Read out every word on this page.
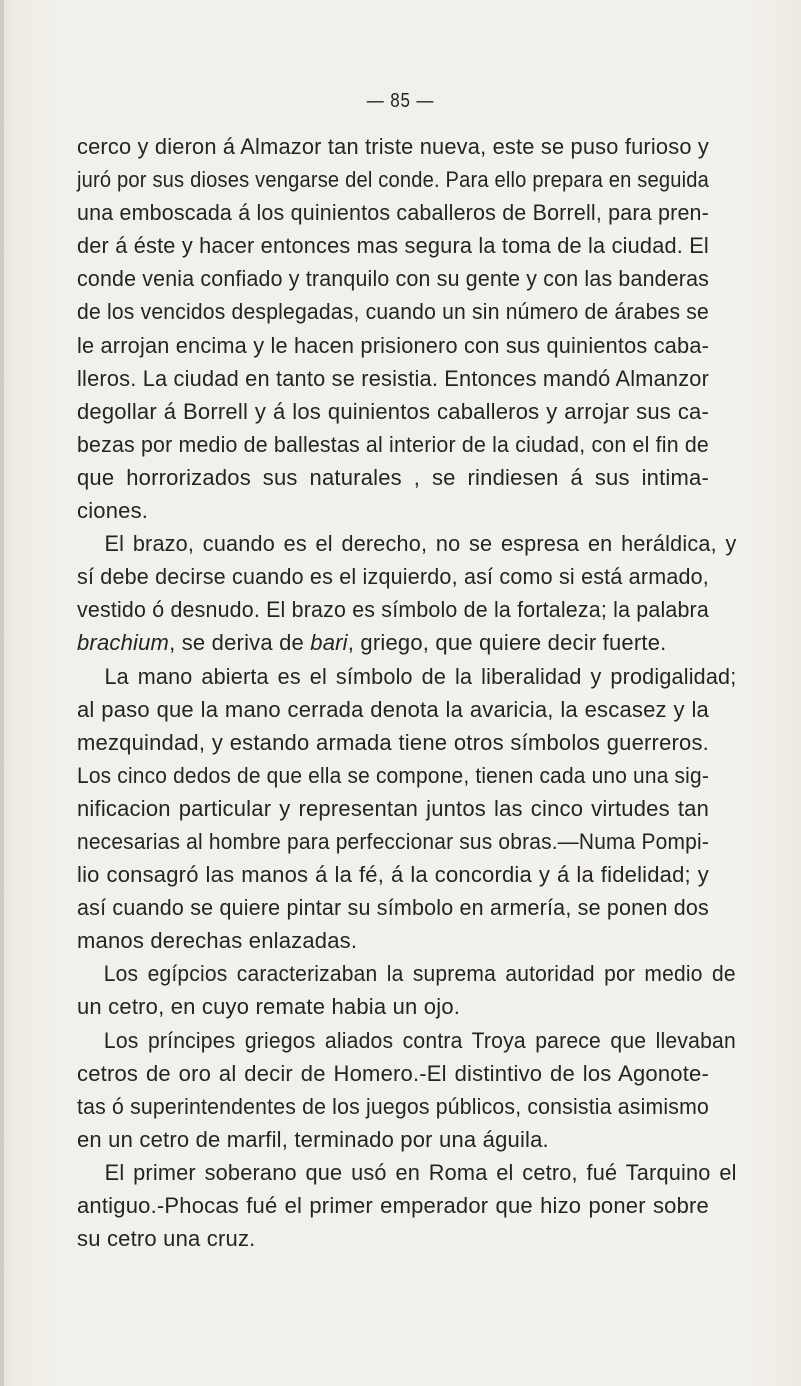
— 85 —
cerco y dieron á Almazor tan triste nueva, este se puso furioso y
juró por sus dioses vengarse del conde. Para ello prepara en seguida
una emboscada á los quinientos caballeros de Borrell, para pren-
der á éste y hacer entonces mas segura la toma de la ciudad. El
conde venia confiado y tranquilo con su gente y con las banderas
de los vencidos desplegadas, cuando un sin número de árabes se
le arrojan encima y le hacen prisionero con sus quinientos caba-
lleros. La ciudad en tanto se resistia. Entonces mandó Almanzor
degollar á Borrell y á los quinientos caballeros y arrojar sus ca-
bezas por medio de ballestas al interior de la ciudad, con el fin de
que horrorizados sus naturales , se rindiesen á sus intima-
ciones.
El brazo, cuando es el derecho, no se espresa en heráldica, y
sí debe decirse cuando es el izquierdo, así como si está armado,
vestido ó desnudo. El brazo es símbolo de la fortaleza; la palabra
brachium, se deriva de bari, griego, que quiere decir fuerte.
La mano abierta es el símbolo de la liberalidad y prodigalidad;
al paso que la mano cerrada denota la avaricia, la escasez y la
mezquindad, y estando armada tiene otros símbolos guerreros.
Los cinco dedos de que ella se compone, tienen cada uno una sig-
nificacion particular y representan juntos las cinco virtudes tan
necesarias al hombre para perfeccionar sus obras.—Numa Pompi-
lio consagró las manos á la fé, á la concordia y á la fidelidad; y
así cuando se quiere pintar su símbolo en armería, se ponen dos
manos derechas enlazadas.
Los egípcios caracterizaban la suprema autoridad por medio de
un cetro, en cuyo remate habia un ojo.
Los príncipes griegos aliados contra Troya parece que llevaban
cetros de oro al decir de Homero.-El distintivo de los Agonote-
tas ó superintendentes de los juegos públicos, consistia asimismo
en un cetro de marfil, terminado por una águila.
El primer soberano que usó en Roma el cetro, fué Tarquino el
antiguo.-Phocas fué el primer emperador que hizo poner sobre
su cetro una cruz.
